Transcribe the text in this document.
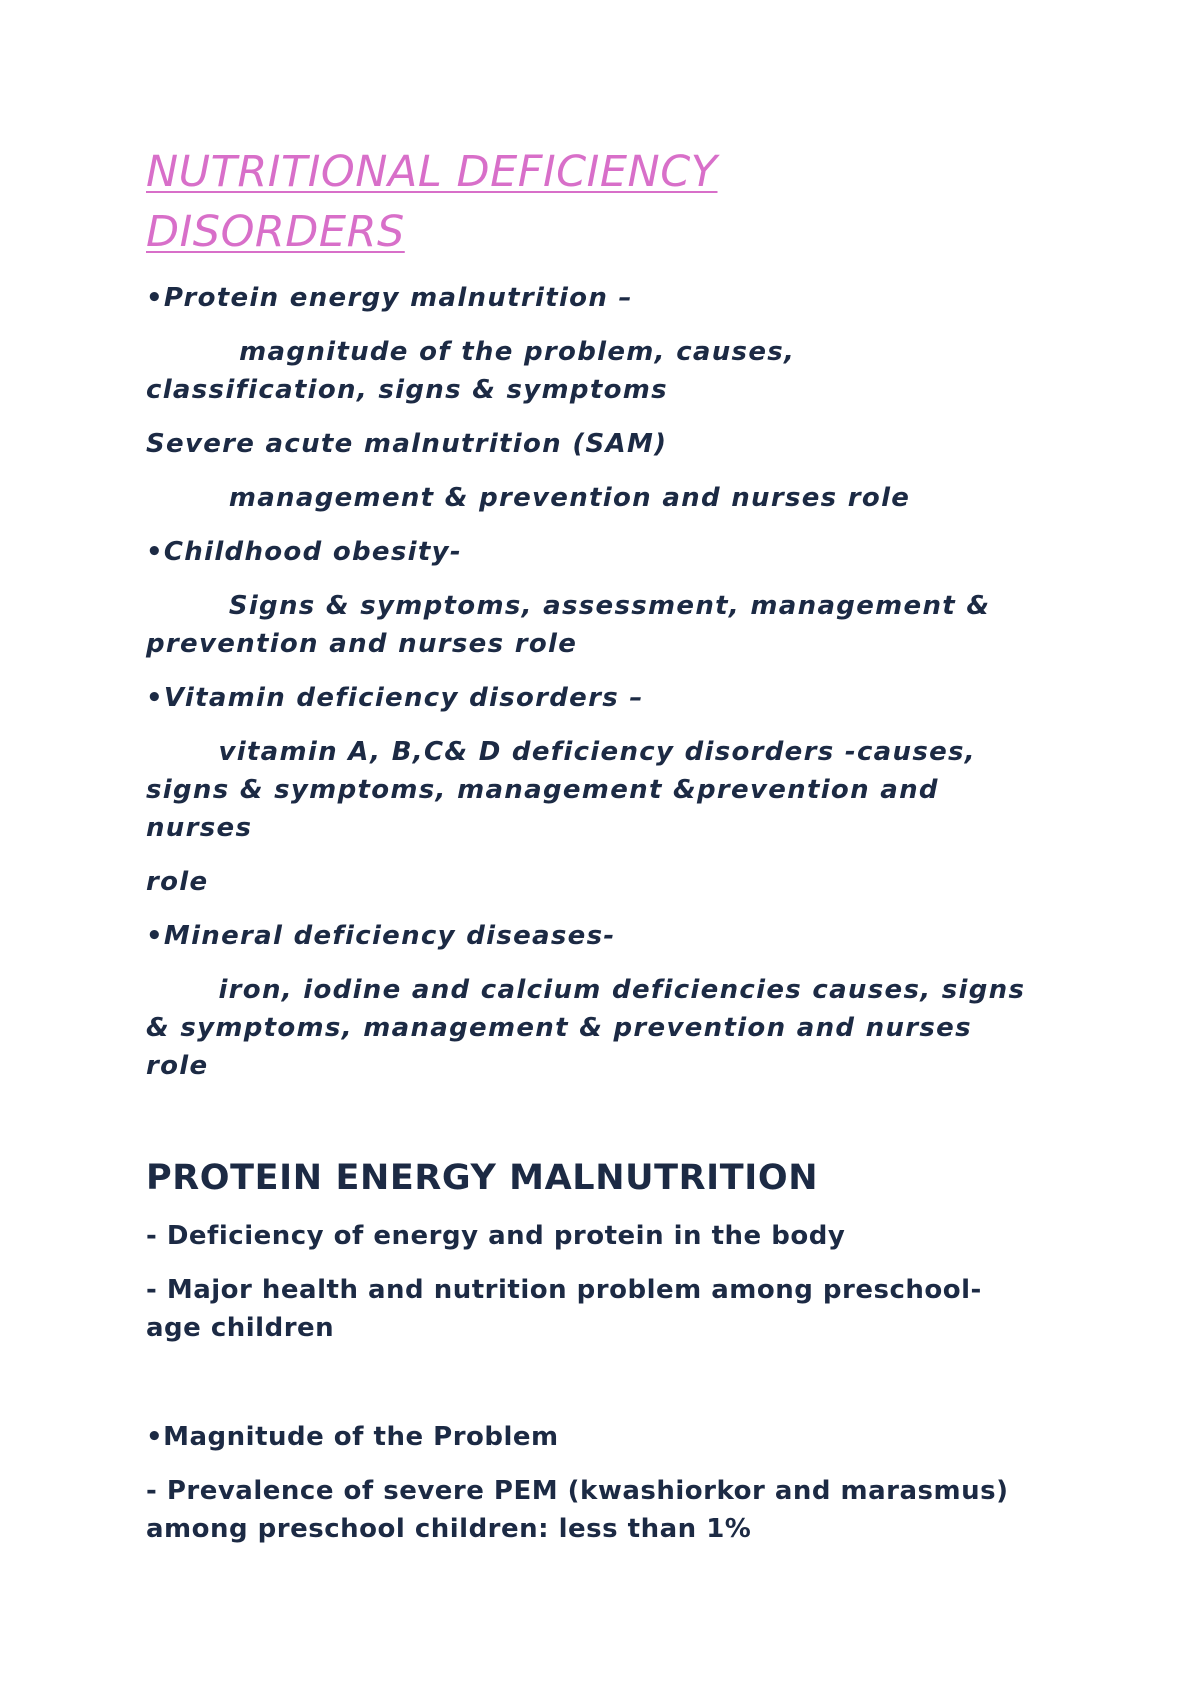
NUTRITIONAL DEFICIENCY
DISORDERS
•Protein energy malnutrition –
magnitude of the problem, causes,
classification, signs & symptoms
Severe acute malnutrition (SAM)
management & prevention and nurses role
•Childhood obesity-
Signs & symptoms, assessment, management &
prevention and nurses role
•Vitamin deficiency disorders –
vitamin A, B,C& D deficiency disorders -causes,
signs & symptoms, management &prevention and
nurses
role
•Mineral deficiency diseases-
iron, iodine and calcium deficiencies causes, signs
& symptoms, management & prevention and nurses
role
PROTEIN ENERGY MALNUTRITION
- Deficiency of energy and protein in the body
- Major health and nutrition problem among preschool-
age children
•Magnitude of the Problem
- Prevalence of severe PEM (kwashiorkor and marasmus)
among preschool children: less than 1%
